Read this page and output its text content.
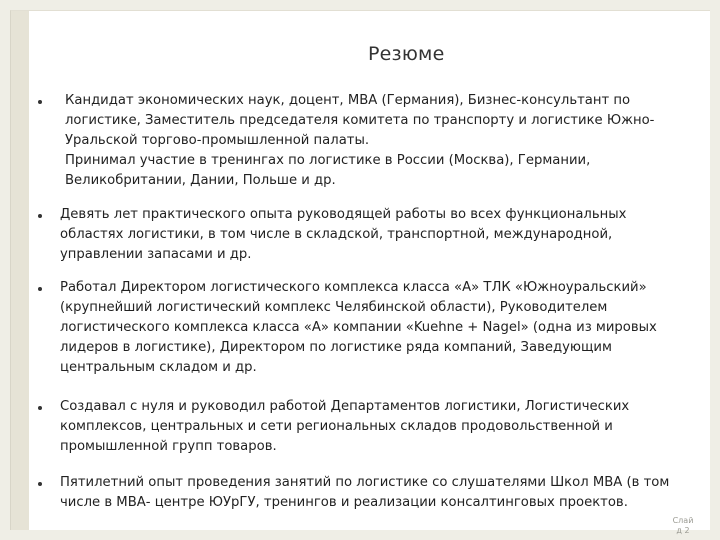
Резюме

Кандидат экономических наук, доцент, МВА (Германия), Бизнес-консультант по
логистике, Заместитель председателя комитета по транспорту и логистике Южно-
Уральской торгово-промышленной палаты.
Принимал участие в тренингах по логистике в России (Москва), Германии,
Великобритании, Дании, Польше и др.

Девять лет практического опыта руководящей работы во всех функциональных
областях логистики, в том числе в складской, транспортной, международной,
управлении запасами и др.

Работал Директором логистического комплекса класса «А» ТЛК «Южноуральский»
(крупнейший логистический комплекс Челябинской области), Руководителем
логистического комплекса класса «А» компании «Kuehne + Nagel» (одна из мировых
лидеров в логистике), Директором по логистике ряда компаний, Заведующим
центральным складом и др.

Создавал с нуля и руководил работой Департаментов логистики, Логистических
комплексов, центральных и сети региональных складов продовольственной и
промышленной групп товаров.

Пятилетний опыт проведения занятий по логистике со слушателями Школ МВА (в том
числе в МВА- центре ЮУрГУ, тренингов и реализации консалтинговых проектов.

Слай
д 2
